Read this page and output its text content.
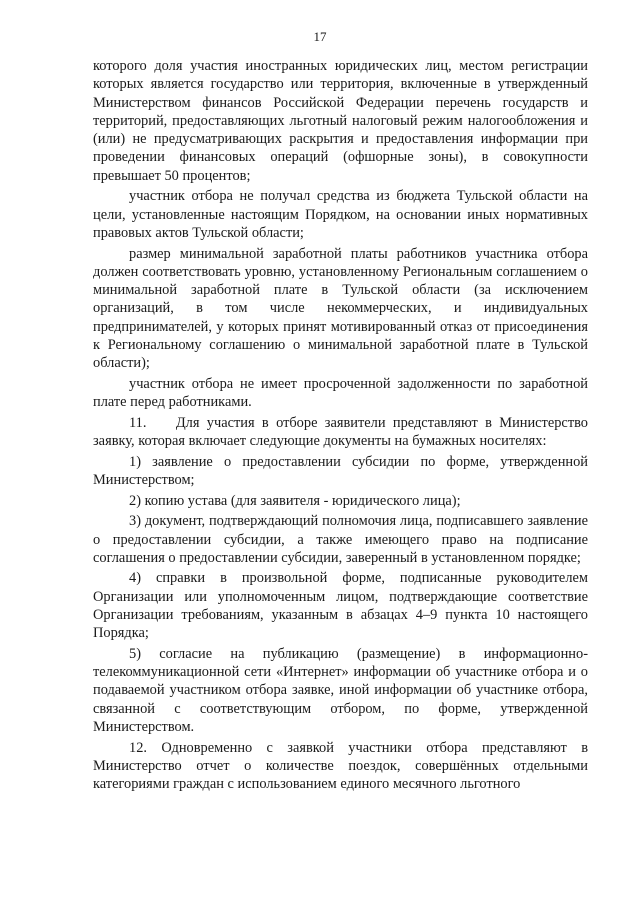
17

которого доля участия иностранных юридических лиц, местом регистрации которых является государство или территория, включенные в утвержденный Министерством финансов Российской Федерации перечень государств и территорий, предоставляющих льготный налоговый режим налогообложения и (или) не предусматривающих раскрытия и предоставления информации при проведении финансовых операций (офшорные зоны), в совокупности превышает 50 процентов;

участник отбора не получал средства из бюджета Тульской области на цели, установленные настоящим Порядком, на основании иных нормативных правовых актов Тульской области;

размер минимальной заработной платы работников участника отбора должен соответствовать уровню, установленному Региональным соглашением о минимальной заработной плате в Тульской области (за исключением организаций, в том числе некоммерческих, и индивидуальных предпринимателей, у которых принят мотивированный отказ от присоединения к Региональному соглашению о минимальной заработной плате в Тульской области);

участник отбора не имеет просроченной задолженности по заработной плате перед работниками.

11.    Для участия в отборе заявители представляют в Министерство заявку, которая включает следующие документы на бумажных носителях:

1) заявление о предоставлении субсидии по форме, утвержденной Министерством;

2) копию устава (для заявителя - юридического лица);

3) документ, подтверждающий полномочия лица, подписавшего заявление о предоставлении субсидии, а также имеющего право на подписание соглашения о предоставлении субсидии, заверенный в установленном порядке;

4) справки в произвольной форме, подписанные руководителем Организации или уполномоченным лицом, подтверждающие соответствие Организации требованиям, указанным в абзацах 4–9 пункта 10 настоящего Порядка;

5) согласие на публикацию (размещение) в информационно-телекоммуникационной сети «Интернет» информации об участнике отбора и о подаваемой участником отбора заявке, иной информации об участнике отбора, связанной с соответствующим отбором, по форме, утвержденной Министерством.

12. Одновременно с заявкой участники отбора представляют в Министерство отчет о количестве поездок, совершённых отдельными категориями граждан с использованием единого месячного льготного
